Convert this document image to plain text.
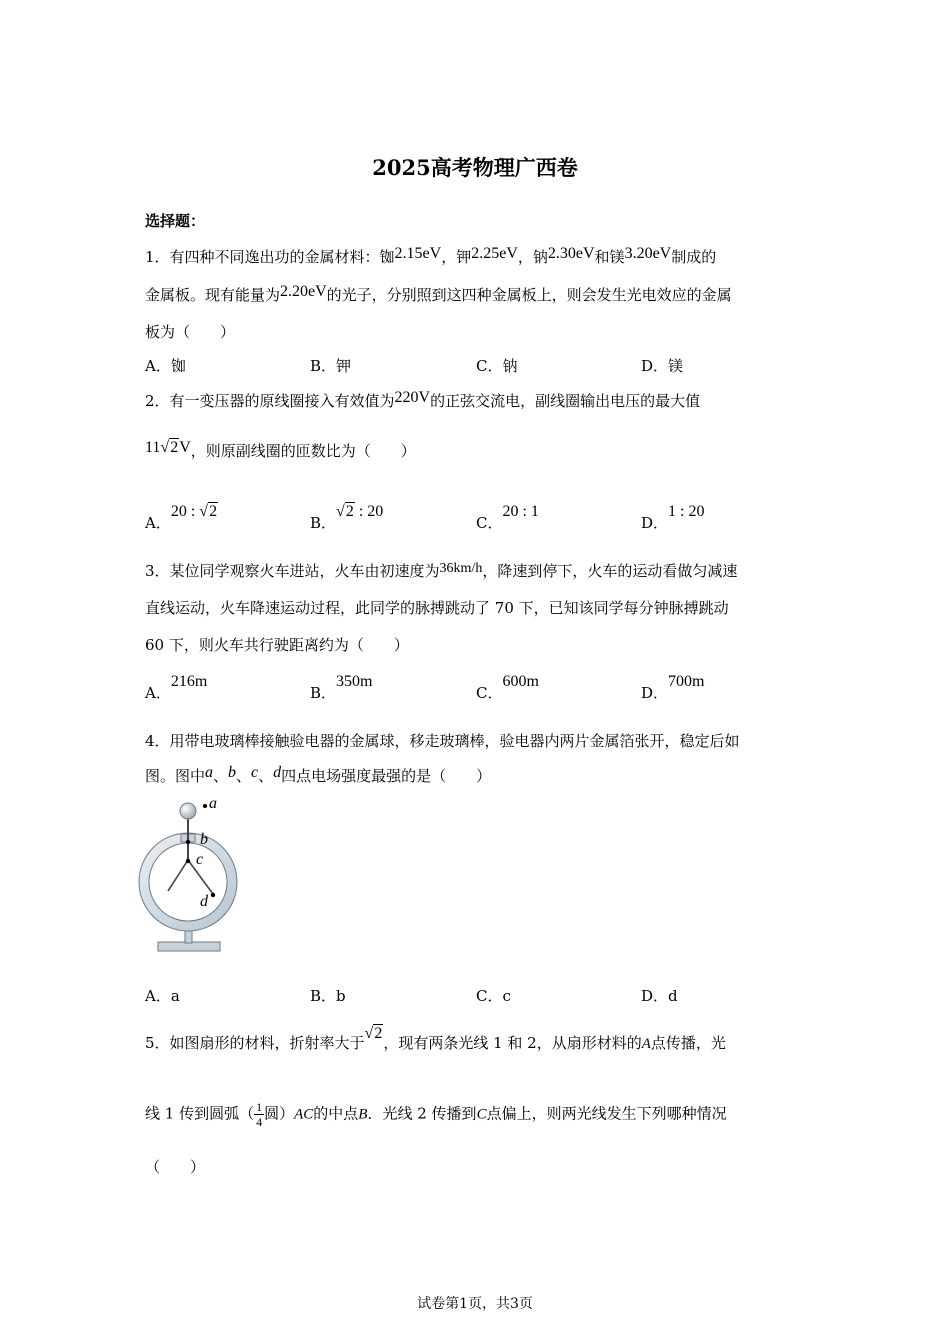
2025高考物理广西卷
选择题：
1．有四种不同逸出功的金属材料：铷2.15eV，钾2.25eV，钠2.30eV和镁3.20eV制成的
金属板。现有能量为2.20eV的光子，分别照到这四种金属板上，则会发生光电效应的金属
板为（　　）
A．铷	B．钾	C．钠	D．镁
2．有一变压器的原线圈接入有效值为220V的正弦交流电，副线圈输出电压的最大值
11√2V，则原副线圈的匝数比为（　　）
A．20 : √2
B．√2 : 20
C．20 : 1
D．1 : 20
3．某位同学观察火车进站，火车由初速度为36km/h，降速到停下，火车的运动看做匀减速
直线运动，火车降速运动过程，此同学的脉搏跳动了 70 下，已知该同学每分钟脉搏跳动
60 下，则火车共行驶距离约为（　　）
A．216m
B．350m
C．600m
D．700m
4．用带电玻璃棒接触验电器的金属球，移走玻璃棒，验电器内两片金属箔张开，稳定后如
图。图中a、b、c、d四点电场强度最强的是（　　）
a
b
c
d
A．a	B．b	C．c	D．d
5．如图扇形的材料，折射率大于√2，现有两条光线 1 和 2，从扇形材料的A点传播，光
线 1 传到圆弧（ $\frac{1}{4}$ 圆）AC的中点B．光线 2 传播到C点偏上，则两光线发生下列哪种情况
（　　）
试卷第1页，共3页
